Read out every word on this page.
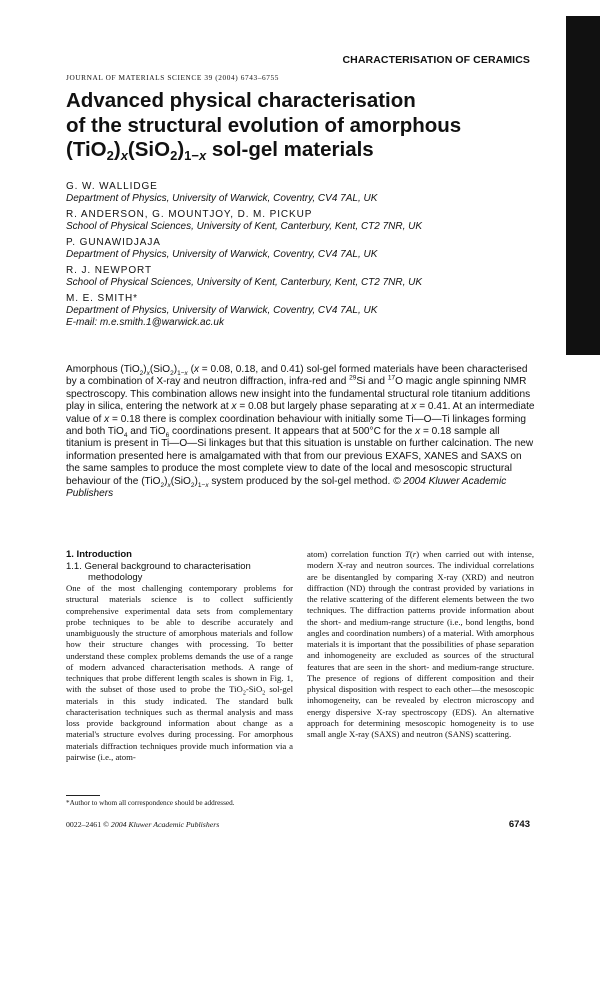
CHARACTERISATION OF CERAMICS
JOURNAL OF MATERIALS SCIENCE 39 (2004) 6743–6755
Advanced physical characterisation
of the structural evolution of amorphous
$(TiO_2)_x(SiO_2)_{1-x}$ sol-gel materials
G. W. WALLIDGE
Department of Physics, University of Warwick, Coventry, CV4 7AL, UK
R. ANDERSON, G. MOUNTJOY, D. M. PICKUP
School of Physical Sciences, University of Kent, Canterbury, Kent, CT2 7NR, UK
P. GUNAWIDJAJA
Department of Physics, University of Warwick, Coventry, CV4 7AL, UK
R. J. NEWPORT
School of Physical Sciences, University of Kent, Canterbury, Kent, CT2 7NR, UK
M. E. SMITH*
Department of Physics, University of Warwick, Coventry, CV4 7AL, UK
E-mail: m.e.smith.1@warwick.ac.uk
Amorphous $(TiO_2)_x(SiO_2)_{1-x}$ (x = 0.08, 0.18, and 0.41) sol-gel formed materials have been characterised by a combination of X-ray and neutron diffraction, infra-red and $^{29}$Si and $^{17}$O magic angle spinning NMR spectroscopy. This combination allows new insight into the fundamental structural role titanium additions play in silica, entering the network at x = 0.08 but largely phase separating at x = 0.41. At an intermediate value of x = 0.18 there is complex coordination behaviour with initially some Ti—O—Ti linkages forming and both TiO$_4$ and TiO$_6$ coordinations present. It appears that at 500°C for the x = 0.18 sample all titanium is present in Ti—O—Si linkages but that this situation is unstable on further calcination. The new information presented here is amalgamated with that from our previous EXAFS, XANES and SAXS on the same samples to produce the most complete view to date of the local and mesoscopic structural behaviour of the $(TiO_2)_x(SiO_2)_{1-x}$ system produced by the sol-gel method. © 2004 Kluwer Academic Publishers
1. Introduction
1.1. General background to characterisation
methodology

One of the most challenging contemporary problems for structural materials science is to collect sufficiently comprehensive experimental data sets from complementary probe techniques to be able to describe accurately and unambiguously the structure of amorphous materials and follow how their structure changes with processing. To better understand these complex problems demands the use of a range of modern advanced characterisation methods. A range of techniques that probe different length scales is shown in Fig. 1, with the subset of those used to probe the TiO$_2$-SiO$_2$ sol-gel materials in this study indicated. The standard bulk characterisation techniques such as thermal analysis and mass loss provide background information about change as a material's structure evolves during processing. For amorphous materials diffraction techniques provide much information via a pairwise (i.e., atom-

atom) correlation function T(r) when carried out with intense, modern X-ray and neutron sources. The individual correlations are be disentangled by comparing X-ray (XRD) and neutron diffraction (ND) through the contrast provided by variations in the relative scattering of the different elements between the two techniques. The diffraction patterns provide information about the short- and medium-range structure (i.e., bond lengths, bond angles and coordination numbers) of a material. With amorphous materials it is important that the possibilities of phase separation and inhomogeneity are excluded as sources of the structural features that are seen in the short- and medium-range structure. The presence of regions of different composition and their physical disposition with respect to each other—the mesoscopic inhomogeneity, can be revealed by electron microscopy and energy dispersive X-ray spectroscopy (EDS). An alternative approach for determining mesoscopic homogeneity is to use small angle X-ray (SAXS) and neutron (SANS) scattering.

*Author to whom all correspondence should be addressed.
0022–2461 © 2004 Kluwer Academic Publishers	6743
